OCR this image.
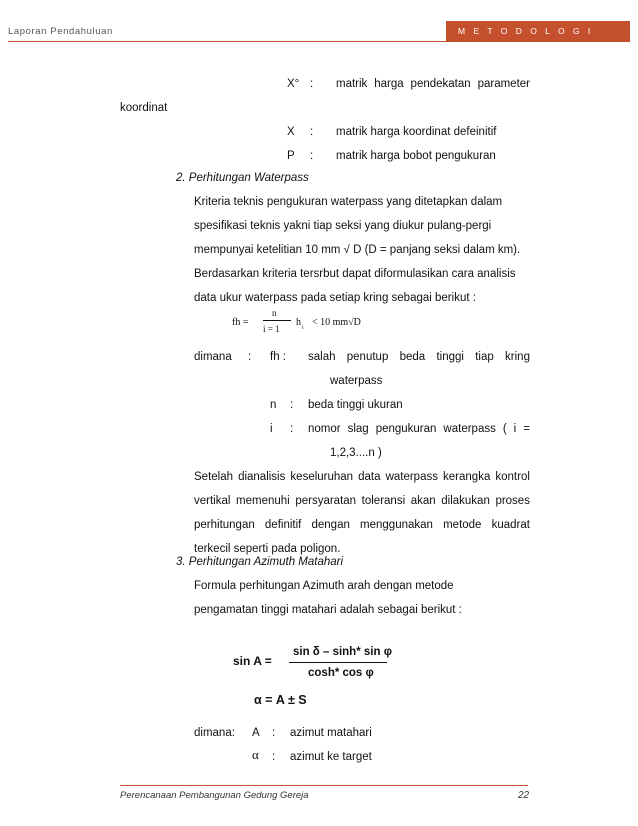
Laporan Pendahuluan	M E T O D O L O G I
X° : matrik harga pendekatan parameter
koordinat
X : matrik harga koordinat defeinitif
P : matrik harga bobot pengukuran
2. Perhitungan Waterpass
Kriteria teknis pengukuran waterpass yang ditetapkan dalam
spesifikasi teknis yakni tiap seksi yang diukur pulang-pergi
mempunyai ketelitian 10 mm √ D (D = panjang seksi dalam km).
Berdasarkan kriteria tersrbut dapat diformulasikan cara analisis
data ukur waterpass pada setiap kring sebagai berikut :
fh =
n
i = 1
h i < 10 mm√D
dimana : fh : salah penutup beda tinggi tiap kring
waterpass
n : beda tinggi ukuran
i : nomor slag pengukuran waterpass ( i =
1,2,3....n )
Setelah dianalisis keseluruhan data waterpass kerangka kontrol
vertikal memenuhi persyaratan toleransi akan dilakukan proses
perhitungan definitif dengan menggunakan metode kuadrat
terkecil seperti pada poligon.
3. Perhitungan Azimuth Matahari
Formula perhitungan Azimuth arah dengan metode
pengamatan tinggi matahari adalah sebagai berikut :
sin A =
sin δ – sinh* sin φ
cosh* cos φ
α = A ± S
dimana: A : azimut matahari
α : azimut ke target
Perencanaan Pembangunan Gedung Gereja	22
